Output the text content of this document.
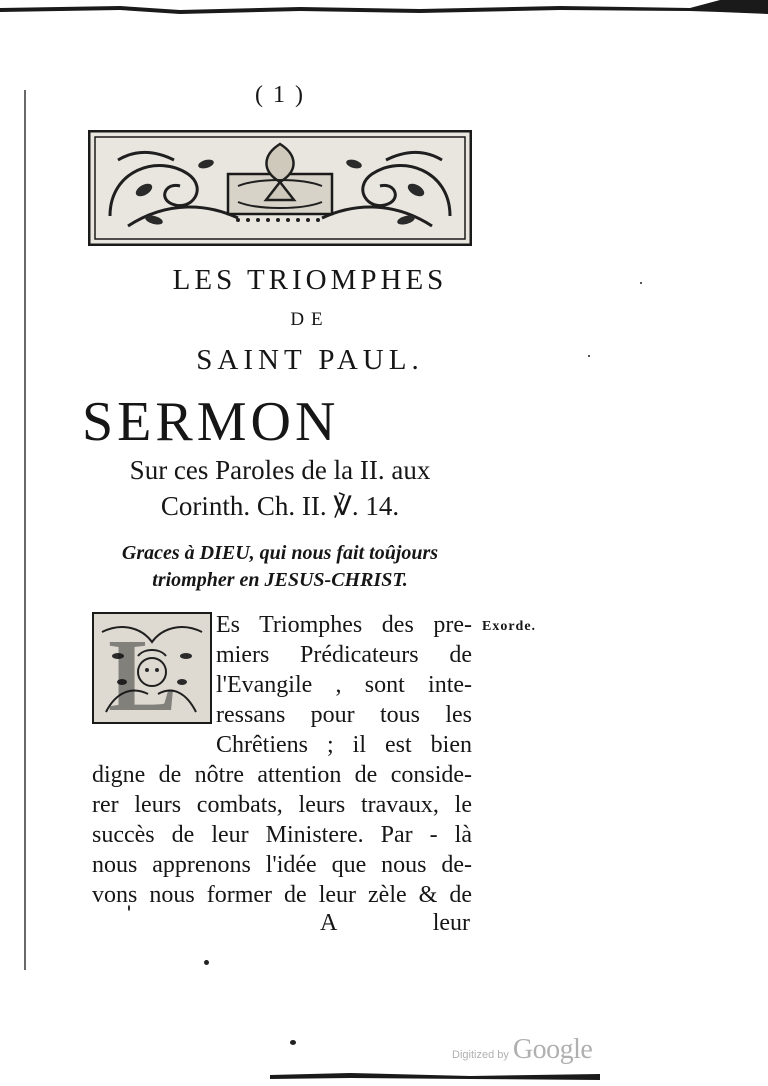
( 1 )
LES TRIOMPHES
DE
SAINT PAUL.
SERMON
Sur ces Paroles de la II. aux
Corinth. Ch. II. ℣. 14.
Graces à DIEU, qui nous fait toûjours
triompher en JESUS-CHRIST.
L	Exorde.
Es Triomphes des pre-
miers Prédicateurs de
l'Evangile , sont inte-
ressans pour tous les
Chrêtiens ; il est bien
digne de nôtre attention de conside-
rer leurs combats, leurs travaux, le
succès de leur Ministere. Par - là
nous apprenons l'idée que nous de-
vons nous former de leur zèle & de
A	leur
Digitized by Google
